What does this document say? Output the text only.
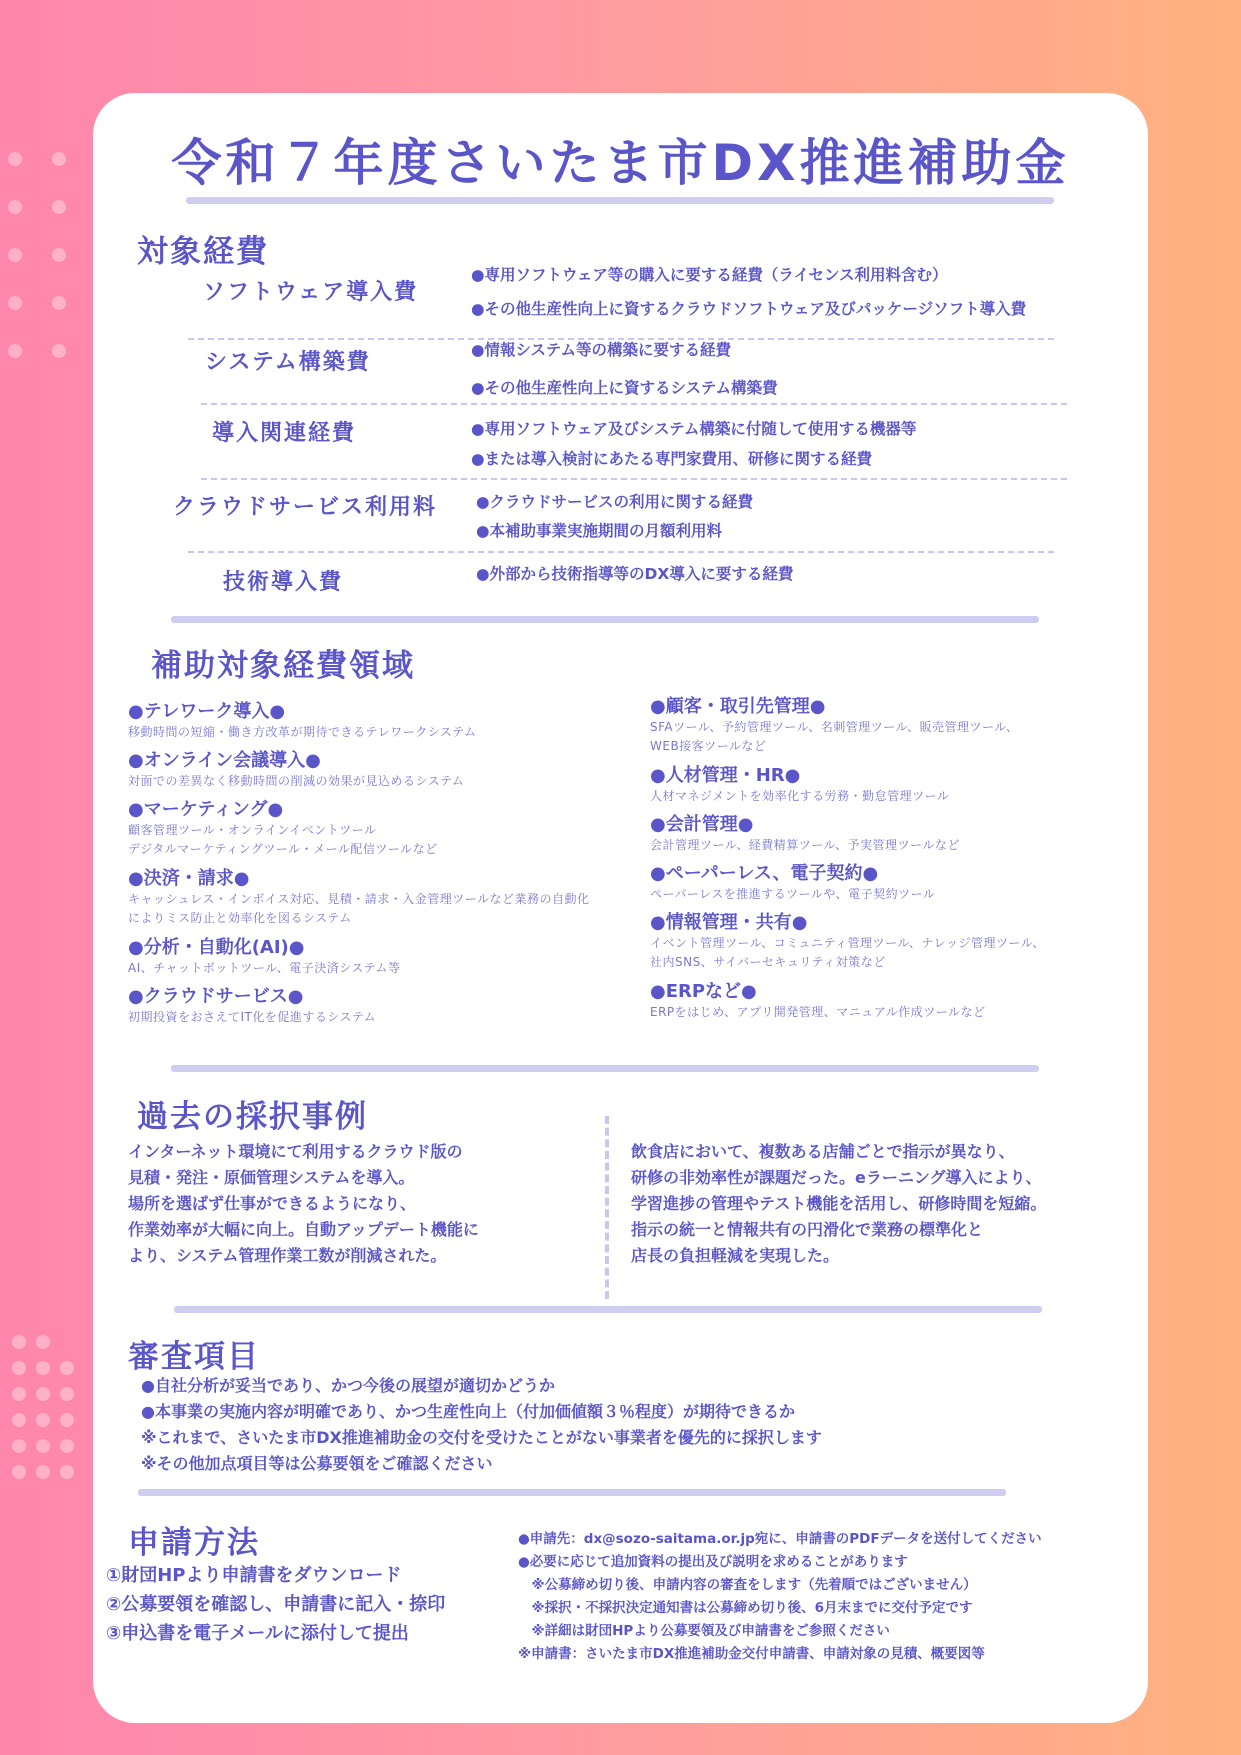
令和７年度さいたま市DX推進補助金
対象経費
ソフトウェア導入費
●専用ソフトウェア等の購入に要する経費（ライセンス利用料含む）
●その他生産性向上に資するクラウドソフトウェア及びパッケージソフト導入費
システム構築費	●情報システム等の構築に要する経費
●その他生産性向上に資するシステム構築費
導入関連経費	●専用ソフトウェア及びシステム構築に付随して使用する機器等
●または導入検討にあたる専門家費用、研修に関する経費
クラウドサービス利用料	●クラウドサービスの利用に関する経費
●本補助事業実施期間の月額利用料
技術導入費	●外部から技術指導等のDX導入に要する経費
補助対象経費領域
●テレワーク導入●
移動時間の短縮・働き方改革が期待できるテレワークシステム
●オンライン会議導入●
対面での差異なく移動時間の削減の効果が見込めるシステム
●マーケティング●
顧客管理ツール・オンラインイベントツール
デジタルマーケティングツール・メール配信ツールなど
●決済・請求●
キャッシュレス・インボイス対応、見積・請求・入金管理ツールなど業務の自動化
によりミス防止と効率化を図るシステム
●分析・自動化(AI)●
AI、チャットボットツール、電子決済システム等
●クラウドサービス●
初期投資をおさえてIT化を促進するシステム
●顧客・取引先管理●
SFAツール、予約管理ツール、名刺管理ツール、販売管理ツール、
WEB接客ツールなど
●人材管理・HR●
人材マネジメントを効率化する労務・勤怠管理ツール
●会計管理●
会計管理ツール、経費精算ツール、予実管理ツールなど
●ペーパーレス、電子契約●
ペーパーレスを推進するツールや、電子契約ツール
●情報管理・共有●
イベント管理ツール、コミュニティ管理ツール、ナレッジ管理ツール、
社内SNS、サイバーセキュリティ対策など
●ERPなど●
ERPをはじめ、アプリ開発管理、マニュアル作成ツールなど
過去の採択事例
インターネット環境にて利用するクラウド版の
見積・発注・原価管理システムを導入。
場所を選ばず仕事ができるようになり、
作業効率が大幅に向上。自動アップデート機能に
より、システム管理作業工数が削減された。
飲食店において、複数ある店舗ごとで指示が異なり、
研修の非効率性が課題だった。eラーニング導入により、
学習進捗の管理やテスト機能を活用し、研修時間を短縮。
指示の統一と情報共有の円滑化で業務の標準化と
店長の負担軽減を実現した。
審査項目
●自社分析が妥当であり、かつ今後の展望が適切かどうか
●本事業の実施内容が明確であり、かつ生産性向上（付加価値額３％程度）が期待できるか
※これまで、さいたま市DX推進補助金の交付を受けたことがない事業者を優先的に採択します
※その他加点項目等は公募要領をご確認ください
申請方法
①財団HPより申請書をダウンロード
②公募要領を確認し、申請書に記入・捺印
③申込書を電子メールに添付して提出
●申請先：dx@sozo-saitama.or.jp宛に、申請書のPDFデータを送付してください
●必要に応じて追加資料の提出及び説明を求めることがあります
　※公募締め切り後、申請内容の審査をします（先着順ではございません）
　※採択・不採択決定通知書は公募締め切り後、6月末までに交付予定です
　※詳細は財団HPより公募要領及び申請書をご参照ください
※申請書：さいたま市DX推進補助金交付申請書、申請対象の見積、概要図等
